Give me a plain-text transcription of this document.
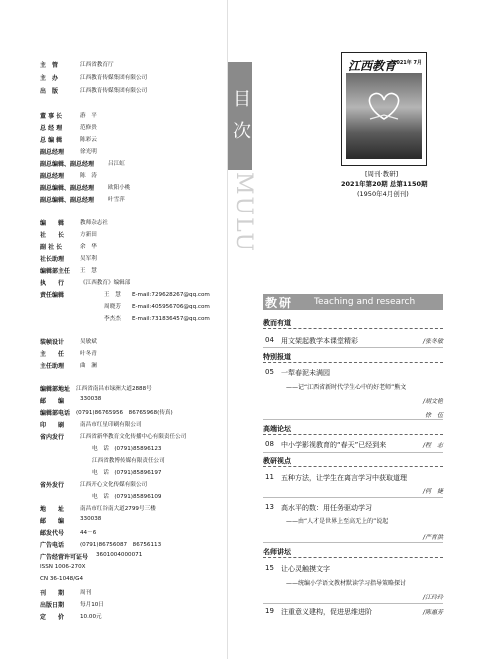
主　管	江西省教育厅
主　办	江西教育传媒集团有限公司
出　版	江西教育传媒集团有限公司
董 事 长	游　平
总 经 理	范修贵
总 编 辑	陈彩云
副总经理	徐光明
副总编辑、副总经理 吕江虹
副总经理	陈　涛
副总编辑、副总经理 欧阳小桃
副总编辑、副总经理 叶雪萍
编　　辑	教师杂志社
社　　长	方新田
副 社 长	余　华
社长助理	吴军利
编辑部主任 王　慧
执　　行	《江西教育》编辑部
责任编辑	王　慧　　E-mail:729628267@qq.com
周晓芳　　E-mail:405956706@qq.com
李杰杰　　E-mail:731836457@qq.com
装帧设计	吴敏斌
主　　任	叶冬青
主任助理	曲　澜
编辑部地址 江西省南昌市绿洲大道2888号
邮　　编	330038
编辑部电话 (0791)86765956　86765968(传真)
印　　刷	南昌市红星印刷有限公司
省内发行	江西省新华教育文化传播中心有限责任公司
电　话　(0791)85896123
江西省教博传媒有限责任公司
电　话　(0791)85896197
省外发行	江西开心文化传媒有限公司
电　话　(0791)85896109
地　　址	南昌市红谷南大道2799号三楼
邮　　编	330038
邮发代号	44－6
广告电话	(0791)86756087　86756113
广告经营许可证号 3601004000071
ISSN 1006-270X
CN 36-1048/G4
刊　　期	周刊
出版日期	每月10日
定　　价	10.00元
目次
MULU
江西教育
2021年 7月
[周刊·教研]
2021年第20期 总第1150期
(1950年4月创刊)
教研 Teaching and research
教而有道
04 用文架起教学本课堂精彩	/张冬敏
特别报道
05 一犁春泥未满园
——记“江西省新时代学生心中的好老师”熊文
/胡文艳
徐　伍
高端论坛
08 中小学影视教育的“春天”已经到来	/程　志
教研视点
11 五种方法，让学生在离言学习中获取道理
/何　婕
13 高水平的数：用任务驱动学习
——由“人才是世界上至高无上的”说起
/严育洪
名师讲坛
15 让心灵触摸文字
——统编小学语文教材默读学习指导策略探讨
/江玲玲
19 注重意义建构，促进思维进阶	/陈惠芳
